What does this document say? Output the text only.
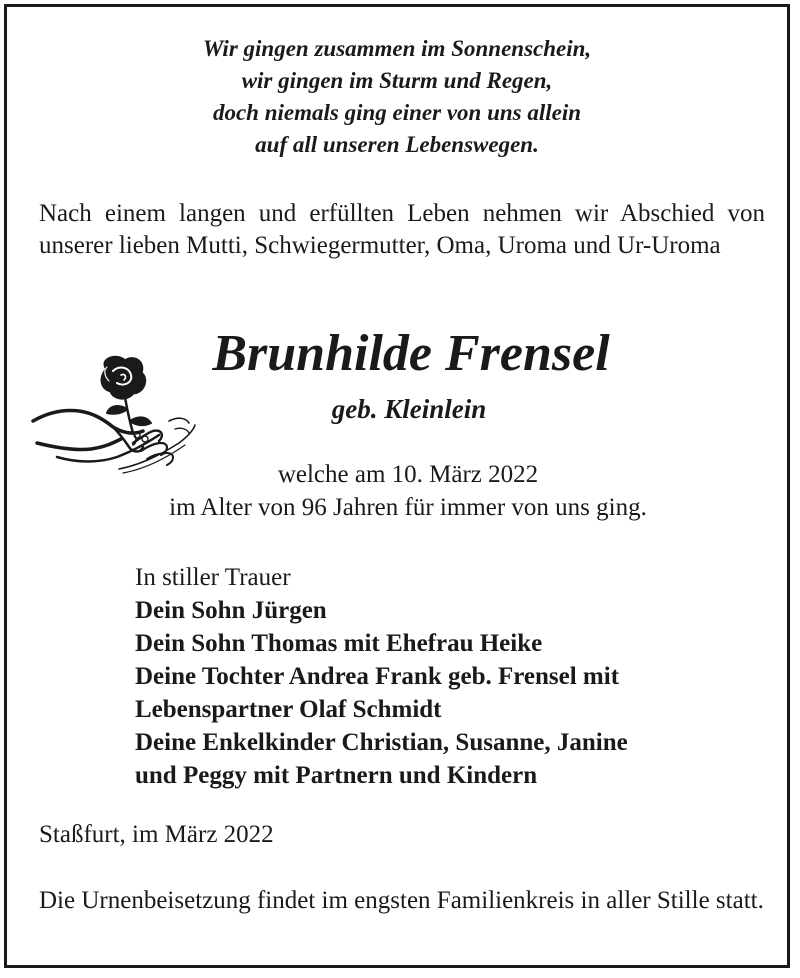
Wir gingen zusammen im Sonnenschein,
wir gingen im Sturm und Regen,
doch niemals ging einer von uns allein
auf all unseren Lebenswegen.
Nach einem langen und erfüllten Leben nehmen wir Abschied von unserer lieben Mutti, Schwiegermutter, Oma, Uroma und Ur-Uroma
Brunhilde Frensel
geb. Kleinlein
welche am 10. März 2022
im Alter von 96 Jahren für immer von uns ging.
In stiller Trauer
Dein Sohn Jürgen
Dein Sohn Thomas mit Ehefrau Heike
Deine Tochter Andrea Frank geb. Frensel mit
Lebenspartner Olaf Schmidt
Deine Enkelkinder Christian, Susanne, Janine
und Peggy mit Partnern und Kindern
Staßfurt, im März 2022
Die Urnenbeisetzung findet im engsten Familienkreis in aller Stille statt.
